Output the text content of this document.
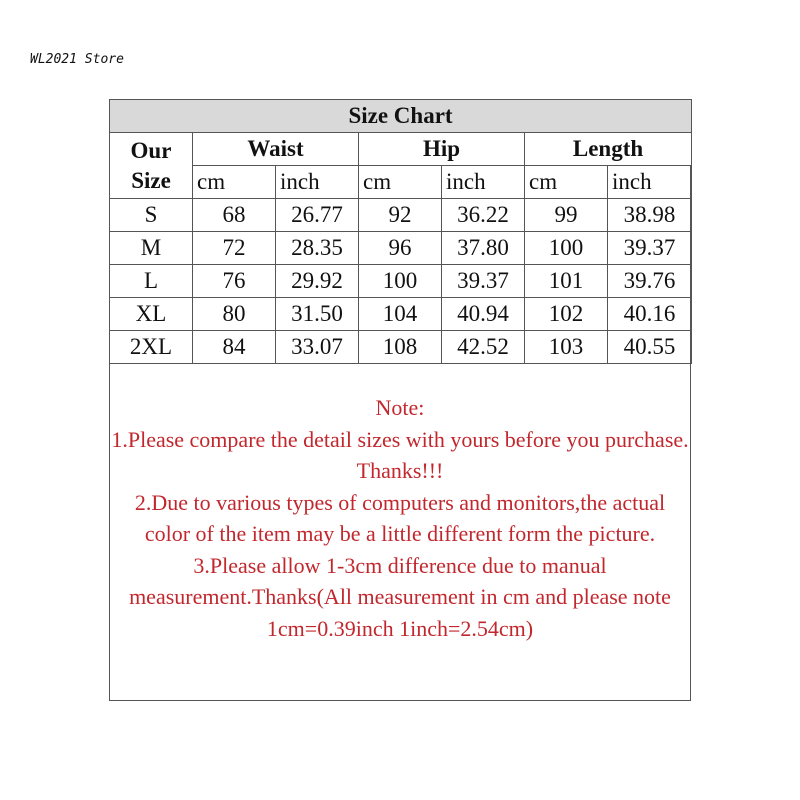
WL2021 Store
Size Chart						
Our
Size	Waist		Hip		Length	
	cm	inch	cm	inch	cm	inch
S	68	26.77	92	36.22	99	38.98
M	72	28.35	96	37.80	100	39.37
L	76	29.92	100	39.37	101	39.76
XL	80	31.50	104	40.94	102	40.16
2XL	84	33.07	108	42.52	103	40.55

Note:

1.Please compare the detail sizes with yours before you purchase. Thanks!!!

2.Due to various types of computers and monitors,the actual color of the item may be a little different form the picture.

3.Please allow 1-3cm difference due to manual measurement.Thanks(All measurement in cm and please note 1cm=0.39inch 1inch=2.54cm)
